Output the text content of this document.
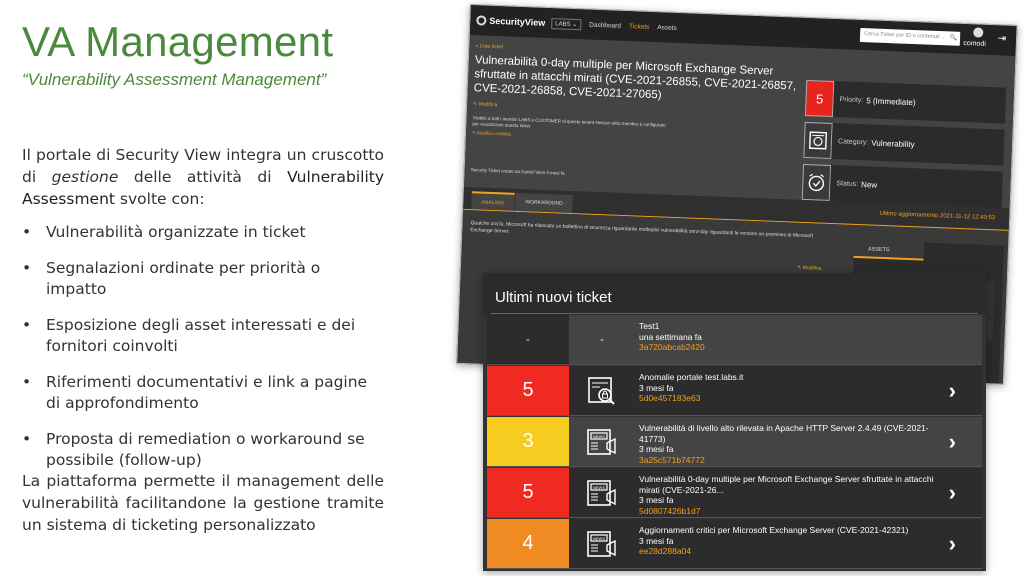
VA Management
“Vulnerability Assessment Management”
Il portale di Security View integra un cruscotto di gestione delle attività di Vulnerability Assessment svolte con:
• Vulnerabilità organizzate in ticket
• Segnalazioni ordinate per priorità o impatto
• Esposizione degli asset interessati e dei fornitori coinvolti
• Riferimenti documentativi e link a pagine di approfondimento
• Proposta di remediation o workaround se possibile (follow-up)
La piattaforma permette il management delle vulnerabilità facilitandone la gestione tramite un sistema di ticketing personalizzato
SecurityView	LABS ⌄	Dashboard Tickets Assets
Cerca Ticket per ID o contenuti ... 🔍
comodi ⇥
« Lista ticket
Vulnerabilità 0-day multiple per Microsoft Exchange Server sfruttate in attacchi mirati (CVE-2021-26855, CVE-2021-26857, CVE-2021-26858, CVE-2021-27065)
✎ Modifica
Visibile a tutti i membri LABS e CUSTOMER di questo tenant Nessun altro membro è configurato per visualizzare questo ticket
✎ Modifica visibilità
Security Ticket creato da Daniel Verzi 3 mesi fa
5	Priority: 5 (Immediate)
Category: Vulnerability
Status: New
ANALISIS	WORKAROUND
Ultimo aggiornamento 2021-11-12 12:40:53
Qualche ora fa, Microsoft ha rilasciato un bollettino di sicurezza riguardante molteplici vulnerabilità zero-day riguardanti le versioni on-premises di Microsoft Exchange Server.
✎ Modifica
ASSETS
Ultimi nuovi ticket
-	-
Test1
una settimana fa
3a720abcab2420
5
Anomalie portale test.labs.it
3 mesi fa
5d0e457183e63	›
3	NEWS
Vulnerabilità di livello alto rilevata in Apache HTTP Server 2.4.49 (CVE-2021-41773)
3 mesi fa
3a25c571b74772
›
5	NEWS
Vulnerabilità 0-day multiple per Microsoft Exchange Server sfruttate in attacchi mirati (CVE-2021-26...
3 mesi fa
5d0807426b1d7
›
4	NEWS
Aggiornamenti critici per Microsoft Exchange Server (CVE-2021-42321)
3 mesi fa
ee28d288a04	›
